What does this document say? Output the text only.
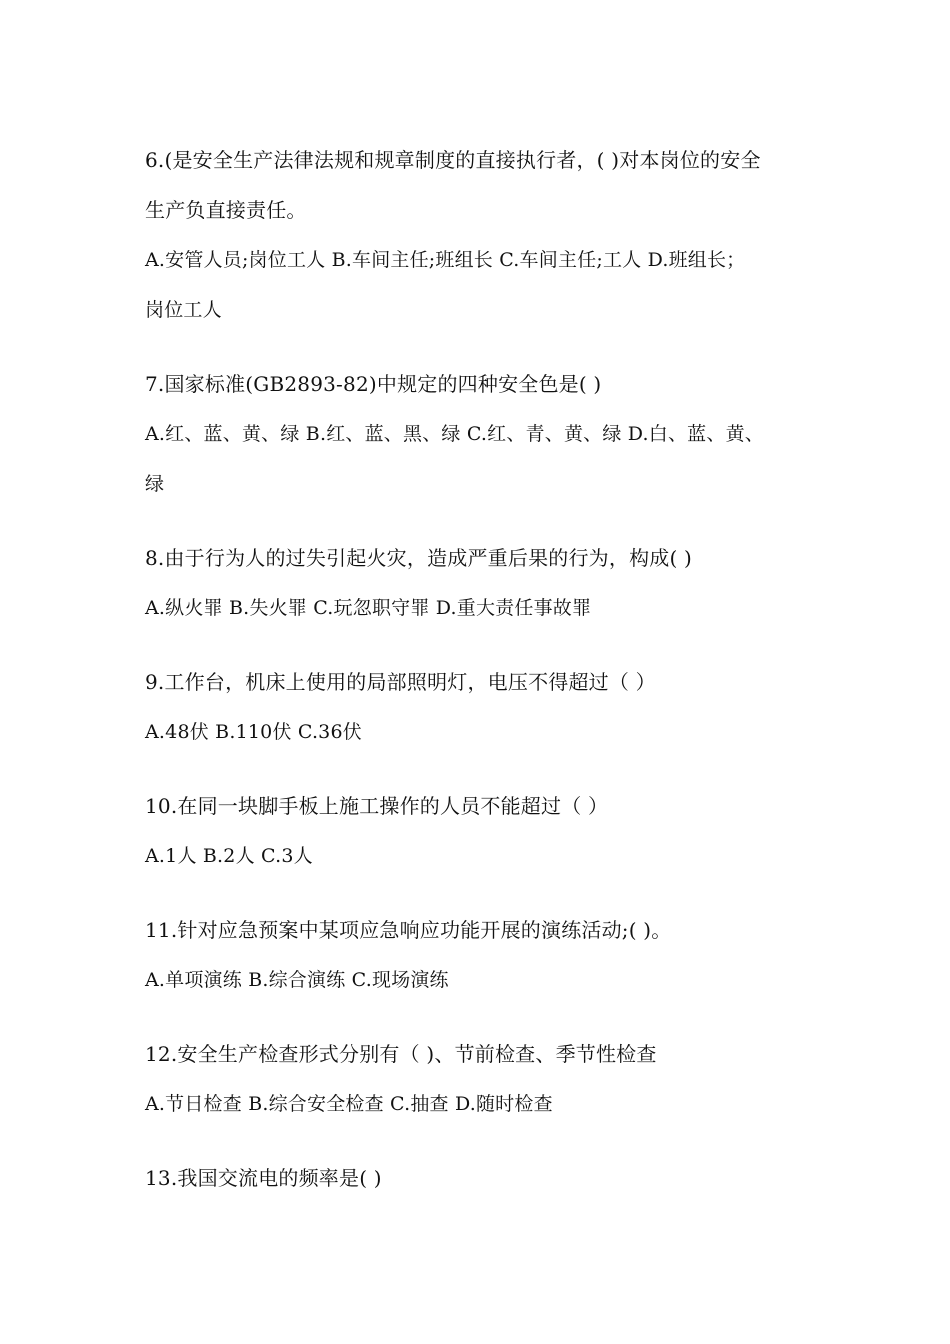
6.(是安全生产法律法规和规章制度的直接执行者，( )对本岗位的安全
生产负直接责任。
A.安管人员;岗位工人 B.车间主任;班组长 C.车间主任;工人 D.班组长；
岗位工人
7.国家标准(GB2893-82)中规定的四种安全色是( )
A.红、蓝、黄、绿 B.红、蓝、黑、绿 C.红、青、黄、绿 D.白、蓝、黄、
绿
8.由于行为人的过失引起火灾，造成严重后果的行为，构成( )
A.纵火罪 B.失火罪 C.玩忽职守罪 D.重大责任事故罪
9.工作台，机床上使用的局部照明灯，电压不得超过（ ）
A.48伏 B.110伏 C.36伏
10.在同一块脚手板上施工操作的人员不能超过（ ）
A.1人 B.2人 C.3人
11.针对应急预案中某项应急响应功能开展的演练活动;( )。
A.单项演练 B.综合演练 C.现场演练
12.安全生产检查形式分别有（ )、节前检查、季节性检查
A.节日检查 B.综合安全检查 C.抽查 D.随时检查
13.我国交流电的频率是( )
